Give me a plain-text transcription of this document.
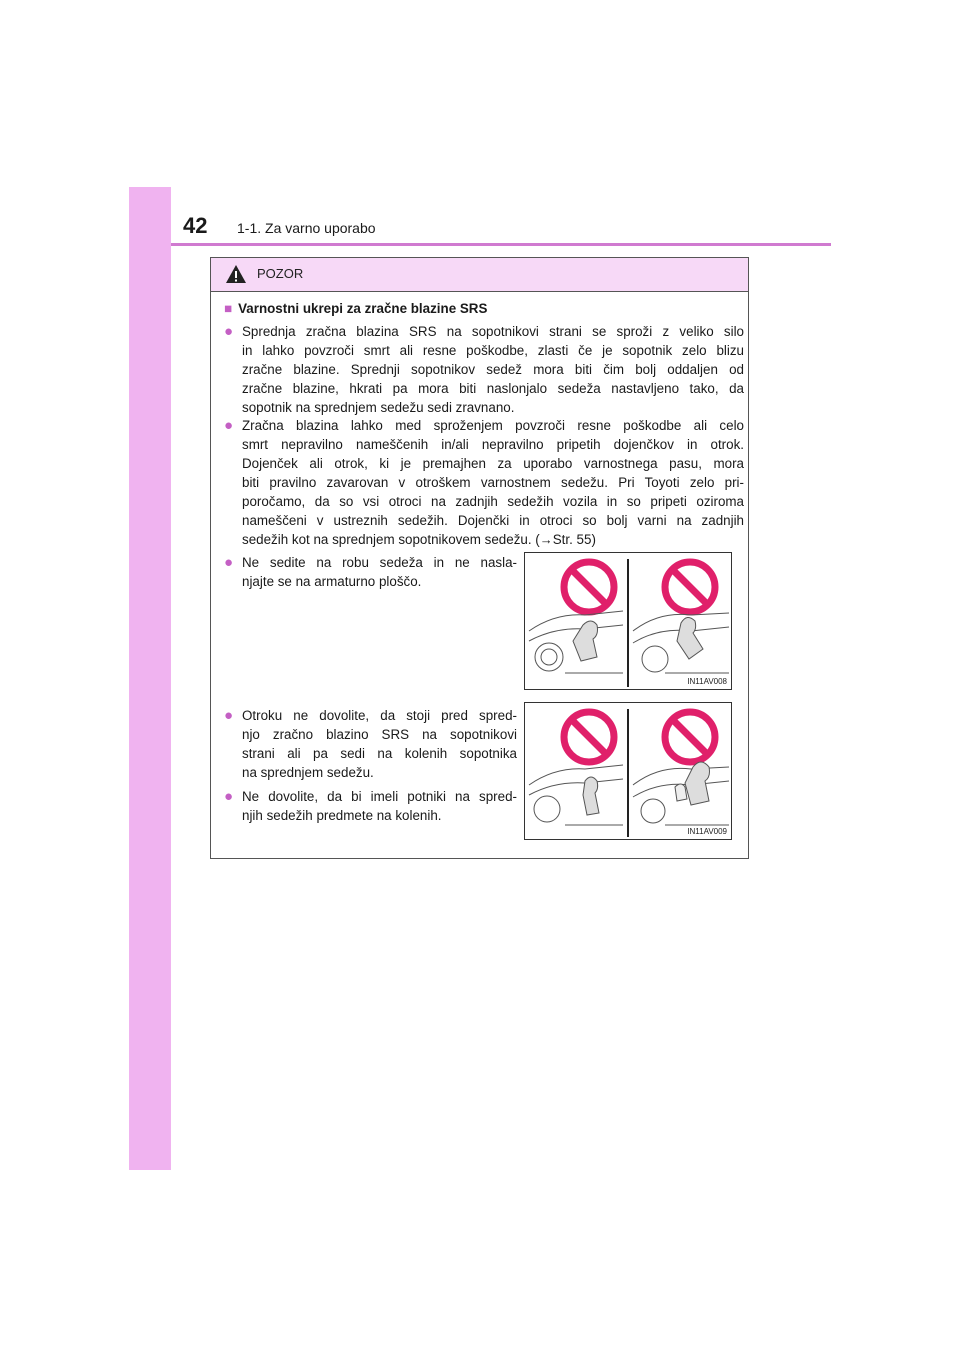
42 1-1. Za varno uporabo
POZOR
■ Varnostni ukrepi za zračne blazine SRS
● Sprednja zračna blazina SRS na sopotnikovi strani se sproži z veliko silo
in lahko povzroči smrt ali resne poškodbe, zlasti če je sopotnik zelo blizu
zračne blazine. Sprednji sopotnikov sedež mora biti čim bolj oddaljen od
zračne blazine, hkrati pa mora biti naslonjalo sedeža nastavljeno tako, da
sopotnik na sprednjem sedežu sedi zravnano.
● Zračna blazina lahko med sproženjem povzroči resne poškodbe ali celo
smrt nepravilno nameščenih in/ali nepravilno pripetih dojenčkov in otrok.
Dojenček ali otrok, ki je premajhen za uporabo varnostnega pasu, mora
biti pravilno zavarovan v otroškem varnostnem sedežu. Pri Toyoti zelo pri-
poročamo, da so vsi otroci na zadnjih sedežih vozila in so pripeti oziroma
nameščeni v ustreznih sedežih. Dojenčki in otroci so bolj varni na zadnjih
sedežih kot na sprednjem sopotnikovem sedežu. (→Str. 55)
● Ne sedite na robu sedeža in ne nasla-
njajte se na armaturno ploščo.
● Otroku ne dovolite, da stoji pred spred-
njo zračno blazino SRS na sopotnikovi
strani ali pa sedi na kolenih sopotnika
na sprednjem sedežu.
● Ne dovolite, da bi imeli potniki na spred-
njih sedežih predmete na kolenih.
IN11AV008
IN11AV009
